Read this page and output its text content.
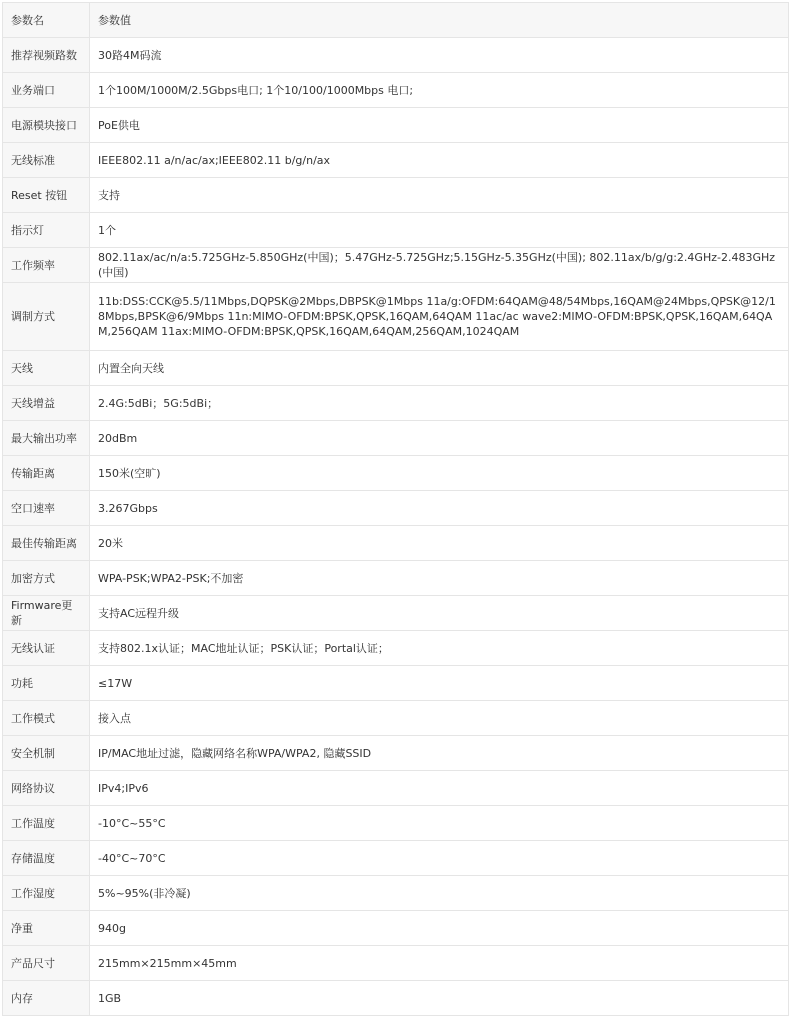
参数名	参数值
推荐视频路数	30路4M码流
业务端口	1个100M/1000M/2.5Gbps电口; 1个10/100/1000Mbps 电口;
电源模块接口	PoE供电
无线标准	IEEE802.11 a/n/ac/ax;IEEE802.11 b/g/n/ax
Reset 按钮	支持
指示灯	1个
工作频率	802.11ax/ac/n/a:5.725GHz-5.850GHz(中国)；5.47GHz-5.725GHz;5.15GHz-5.35GHz(中国); 802.11ax/b/g/g:2.4GHz-2.483GHz(中国)
调制方式	11b:DSS:CCK@5.5/11Mbps,DQPSK@2Mbps,DBPSK@1Mbps 11a/g:OFDM:64QAM@48/54Mbps,16QAM@24Mbps,QPSK@12/18Mbps,BPSK@6/9Mbps 11n:MIMO-OFDM:BPSK,QPSK,16QAM,64QAM 11ac/ac wave2:MIMO-OFDM:BPSK,QPSK,16QAM,64QAM,256QAM 11ax:MIMO-OFDM:BPSK,QPSK,16QAM,64QAM,256QAM,1024QAM
天线	内置全向天线
天线增益	2.4G:5dBi；5G:5dBi；
最大输出功率	20dBm
传输距离	150米(空旷)
空口速率	3.267Gbps
最佳传输距离	20米
加密方式	WPA-PSK;WPA2-PSK;不加密
Firmware更新	支持AC远程升级
无线认证	支持802.1x认证；MAC地址认证；PSK认证；Portal认证；
功耗	≤17W
工作模式	接入点
安全机制	IP/MAC地址过滤，隐藏网络名称WPA/WPA2, 隐藏SSID
网络协议	IPv4;IPv6
工作温度	-10°C~55°C
存储温度	-40°C~70°C
工作湿度	5%~95%(非冷凝)
净重	940g
产品尺寸	215mm×215mm×45mm
内存	1GB
